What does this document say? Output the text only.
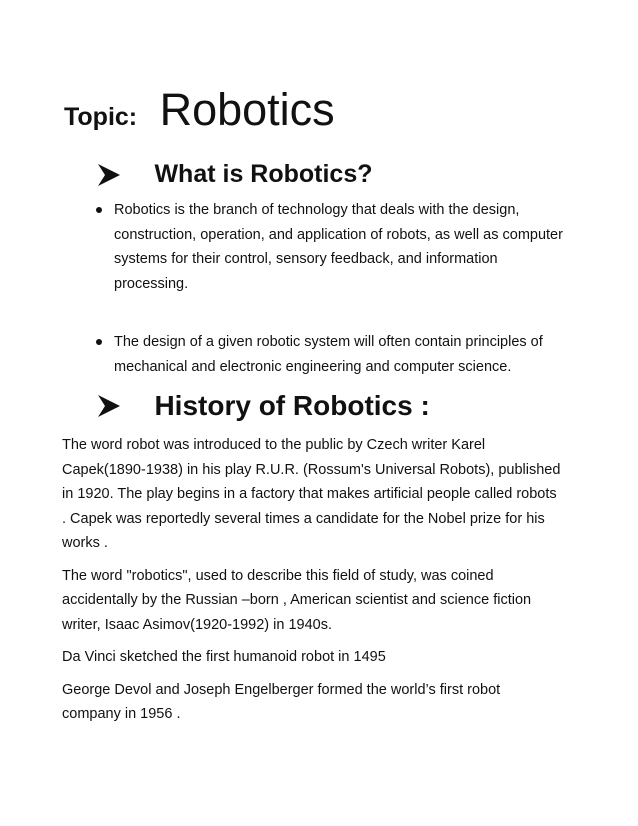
Topic: Robotics
What is Robotics?
Robotics is the branch of technology that deals with the design, construction, operation, and application of robots, as well as computer systems for their control, sensory feedback, and information processing.
The design of a given robotic system will often contain principles of mechanical and electronic engineering and computer science.
History of Robotics :

The word robot was introduced to the public by Czech writer Karel Capek(1890-1938) in his play R.U.R. (Rossum's Universal Robots), published in 1920. The play begins in a factory that makes artificial people called robots . Capek was reportedly several times a candidate for the Nobel prize for his works .

The word "robotics", used to describe this field of study, was coined accidentally by the Russian –born , American scientist and science fiction writer, Isaac Asimov(1920-1992) in 1940s.

Da Vinci sketched the first humanoid robot in 1495

George Devol and Joseph Engelberger formed the world’s first robot company in 1956 .
